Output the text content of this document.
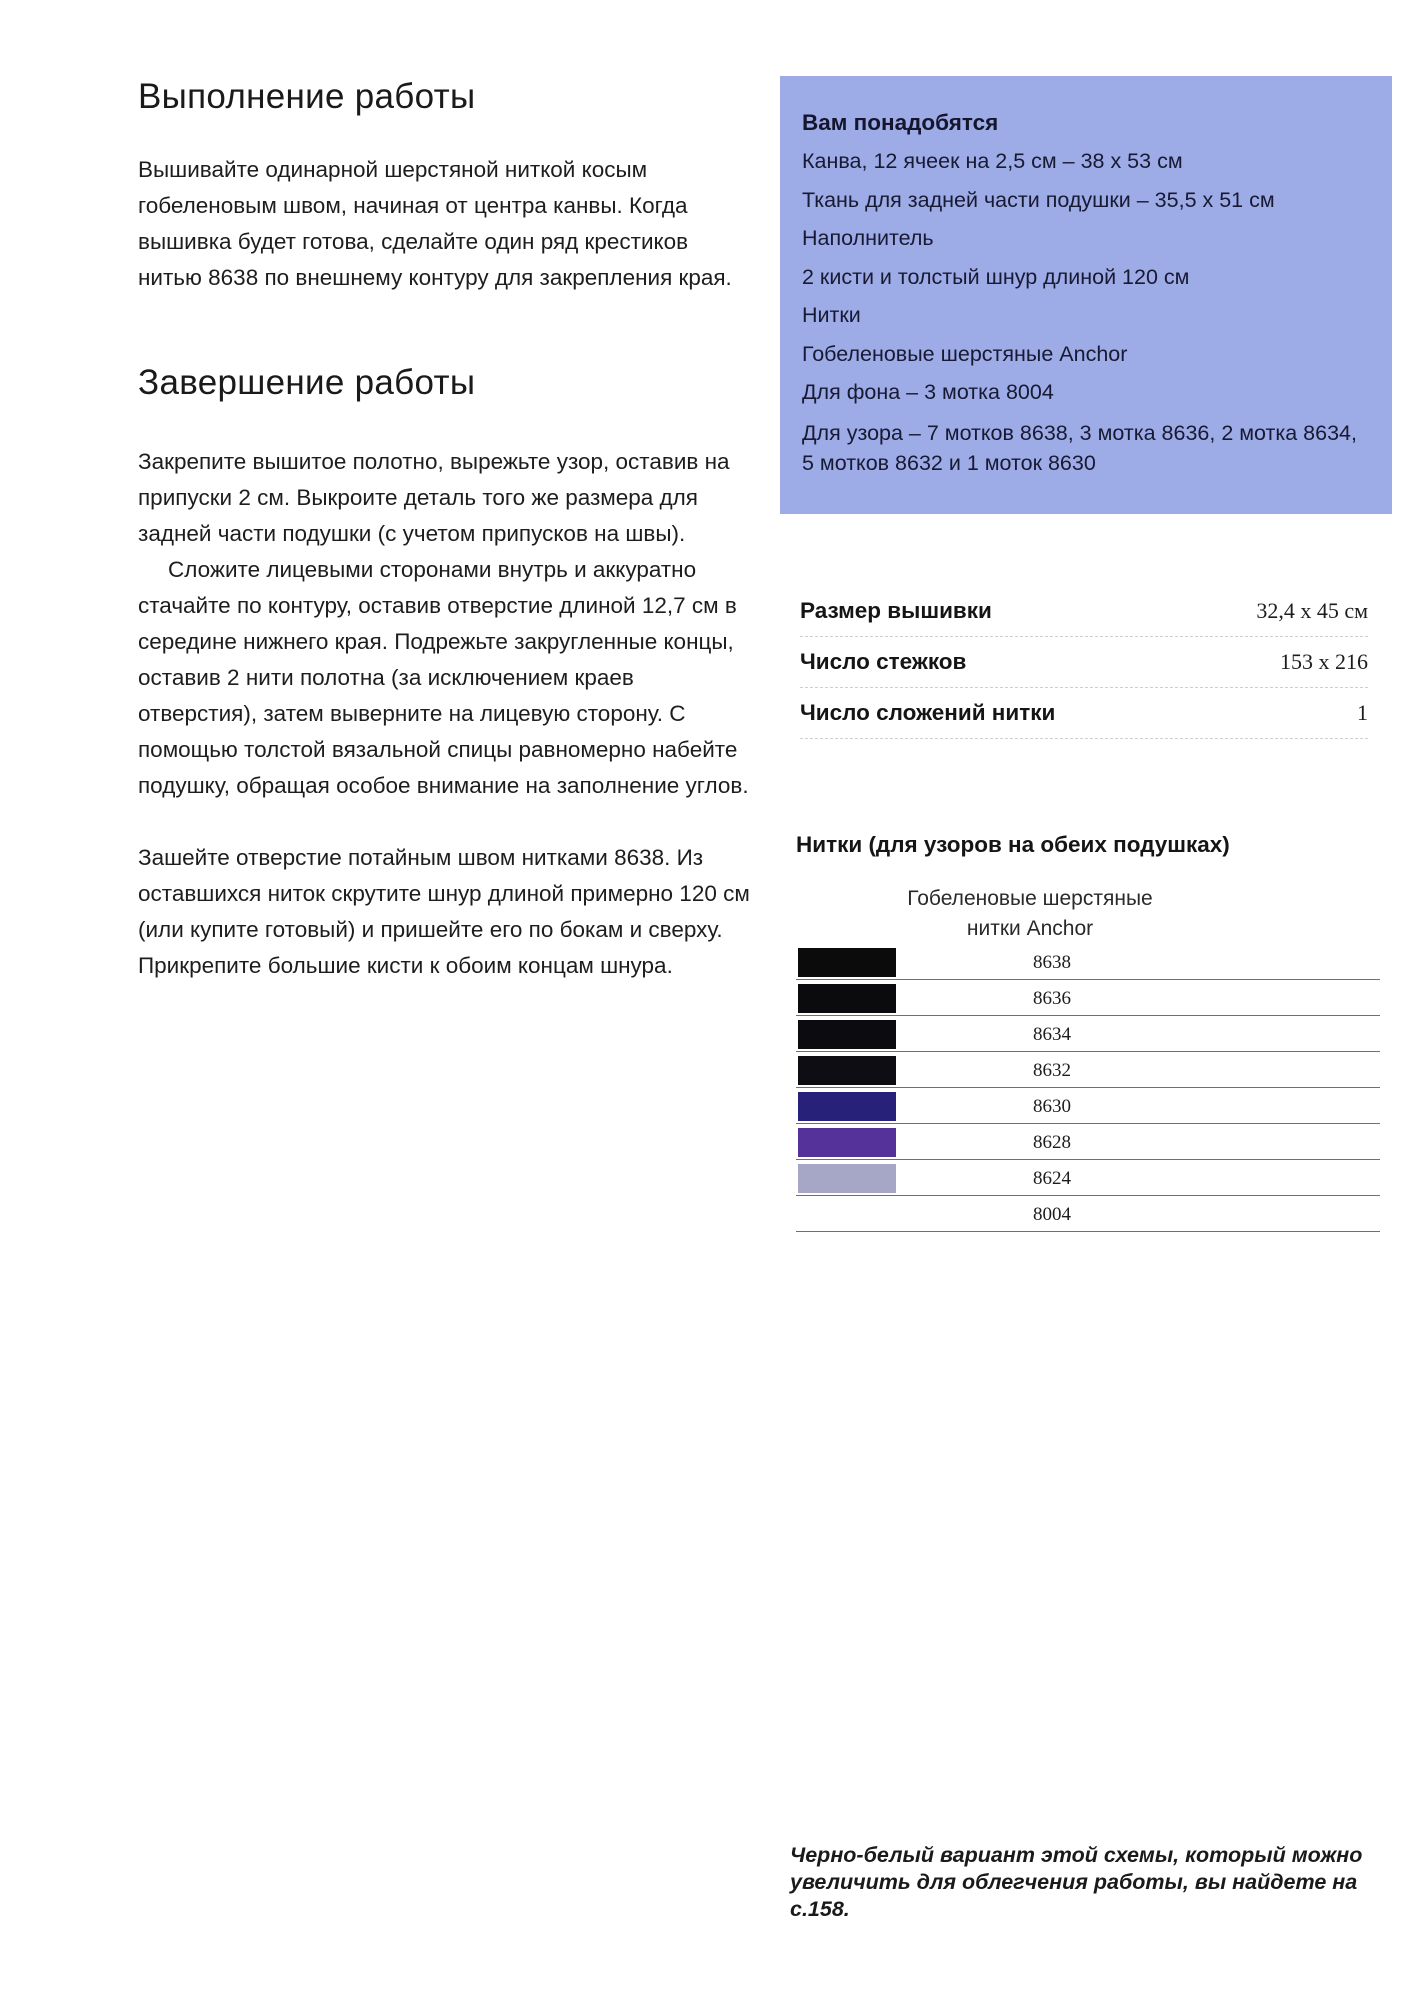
Выполнение работы

Вышивайте одинарной шерстяной ниткой косым гобеленовым швом, начиная от центра канвы. Когда вышивка будет готова, сделайте один ряд крестиков нитью 8638 по внешнему контуру для закрепления края.

Завершение работы

Закрепите вышитое полотно, вырежьте узор, оставив на припуски 2 см. Выкроите деталь того же размера для задней части подушки (с учетом припусков на швы).

Сложите лицевыми сторонами внутрь и аккуратно стачайте по контуру, оставив отверстие длиной 12,7 см в середине нижнего края. Подрежьте закругленные концы, оставив 2 нити полотна (за исключением краев отверстия), затем выверните на лицевую сторону. С помощью толстой вязальной спицы равномерно набейте подушку, обращая особое внимание на заполнение углов.

Зашейте отверстие потайным швом нитками 8638. Из оставшихся ниток скрутите шнур длиной примерно 120 см (или купите готовый) и пришейте его по бокам и сверху. Прикрепите большие кисти к обоим концам шнура.

Вам понадобятся
Канва, 12 ячеек на 2,5 см – 38 х 53 см
Ткань для задней части подушки – 35,5 х 51 см
Наполнитель
2 кисти и толстый шнур длиной 120 см
Нитки
Гобеленовые шерстяные Anchor
Для фона – 3 мотка 8004
Для узора – 7 мотков 8638, 3 мотка 8636, 2 мотка 8634, 5 мотков 8632 и 1 моток 8630
Размер вышивки	32,4 х 45 см
Число стежков	153 х 216
Число сложений нитки	1
Нитки (для узоров на обеих подушках)
Гобеленовые шерстяные нитки Anchor
8638
8636
8634
8632
8630
8628
8624
8004
Черно-белый вариант этой схемы, который можно увеличить для облегчения работы, вы найдете на с.158.
